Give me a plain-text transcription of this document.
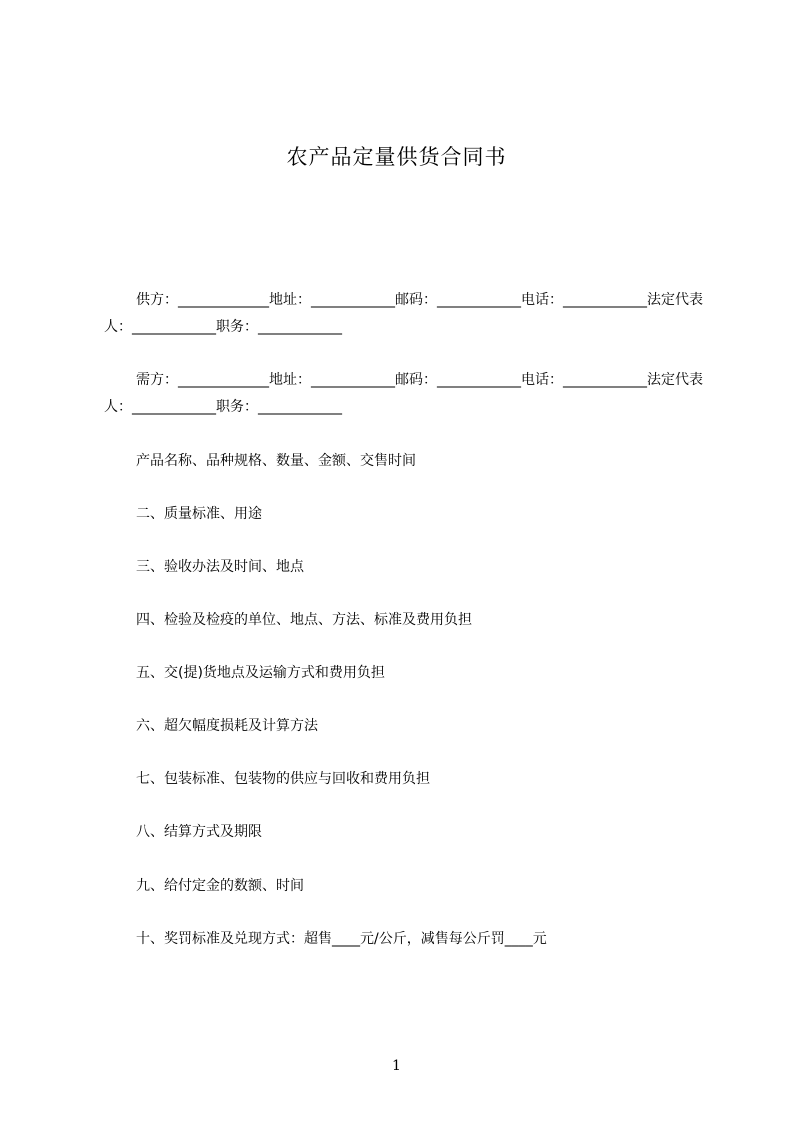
农产品定量供货合同书
供方：_____________地址：____________邮码：____________电话：____________法定代表人：____________职务：____________
需方：_____________地址：____________邮码：____________电话：____________法定代表人：____________职务：____________
产品名称、品种规格、数量、金额、交售时间
二、质量标准、用途
三、验收办法及时间、地点
四、检验及检疫的单位、地点、方法、标准及费用负担
五、交(提)货地点及运输方式和费用负担
六、超欠幅度损耗及计算方法
七、包装标准、包装物的供应与回收和费用负担
八、结算方式及期限
九、给付定金的数额、时间
十、奖罚标准及兑现方式：超售____元/公斤，减售每公斤罚____元
1
